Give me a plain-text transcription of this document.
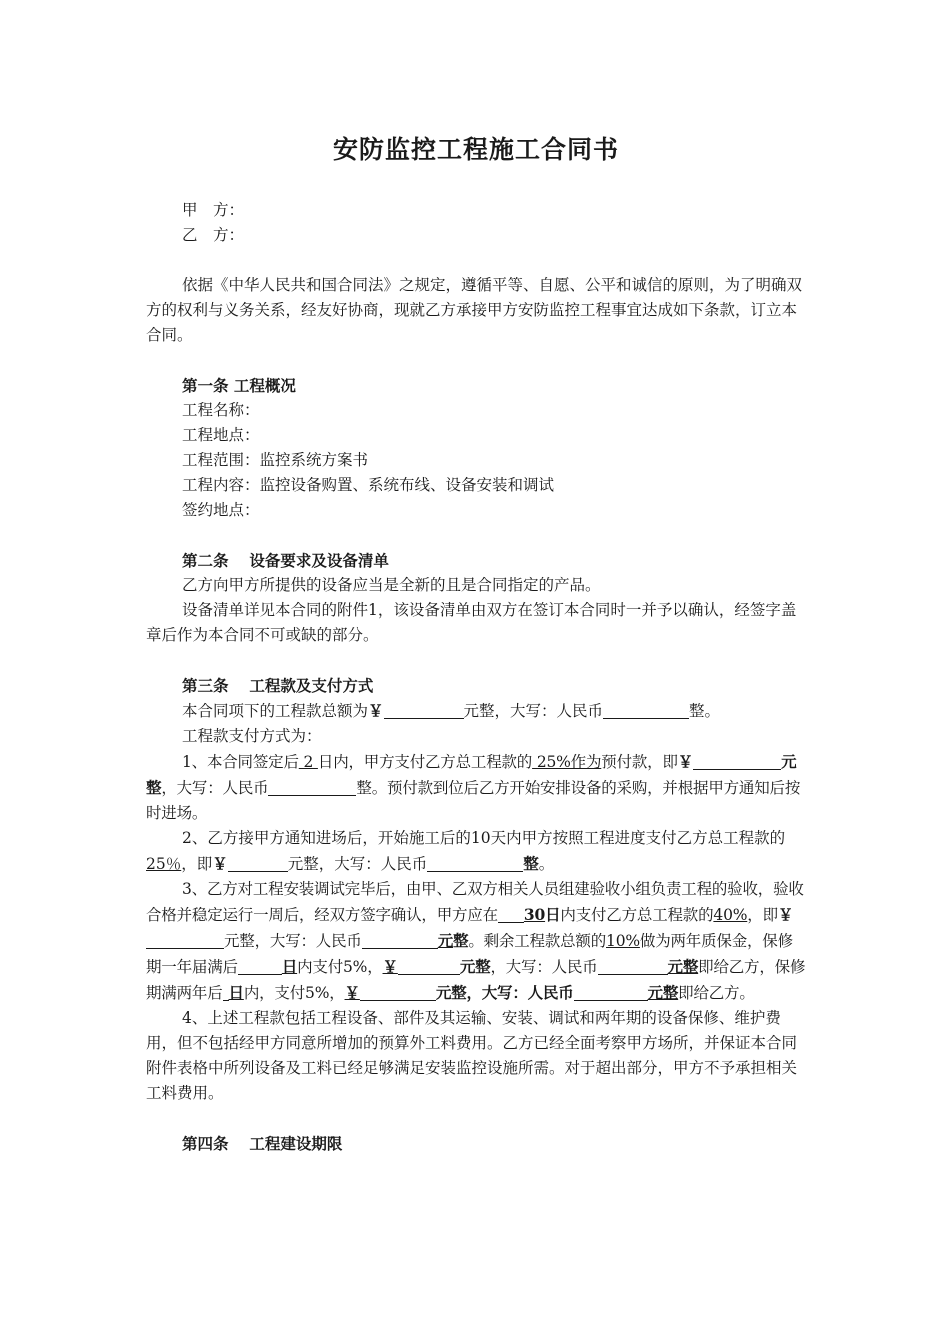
安防监控工程施工合同书

甲　方：

乙　方：

依据《中华人民共和国合同法》之规定，遵循平等、自愿、公平和诚信的原则，为了明确双方的权利与义务关系，经友好协商，现就乙方承接甲方安防监控工程事宜达成如下条款，订立本合同。

第一条 工程概况

工程名称：

工程地点：

工程范围：监控系统方案书

工程内容：监控设备购置、系统布线、设备安装和调试

签约地点：

第二条　 设备要求及设备清单

乙方向甲方所提供的设备应当是全新的且是合同指定的产品。

设备清单详见本合同的附件1，该设备清单由双方在签订本合同时一并予以确认，经签字盖章后作为本合同不可或缺的部分。

第三条　 工程款及支付方式

本合同项下的工程款总额为￥	元整，大写：人民币	整。

工程款支付方式为：

1、本合同签定后 2 日内，甲方支付乙方总工程款的 25%作为预付款，即￥	元整，大写：人民币	整。预付款到位后乙方开始安排设备的采购，并根据甲方通知后按时进场。

2、乙方接甲方通知进场后，开始施工后的10天内甲方按照工程进度支付乙方总工程款的25％，即￥	元整，大写：人民币	整。

3、乙方对工程安装调试完毕后，由甲、乙双方相关人员组建验收小组负责工程的验收，验收合格并稳定运行一周后，经双方签字确认，甲方应在 30日内支付乙方总工程款的40%，即￥元整，大写：人民币	元整。剩余工程款总额的10%做为两年质保金，保修期一年届满后	日内支付5%，￥	元整，大写：人民币	元整即给乙方，保修期满两年后 日内，支付5%，￥	元整，大写：人民币	元整即给乙方。

4、上述工程款包括工程设备、部件及其运输、安装、调试和两年期的设备保修、维护费用，但不包括经甲方同意所增加的预算外工料费用。乙方已经全面考察甲方场所，并保证本合同附件表格中所列设备及工料已经足够满足安装监控设施所需。对于超出部分，甲方不予承担相关工料费用。

第四条　 工程建设期限
